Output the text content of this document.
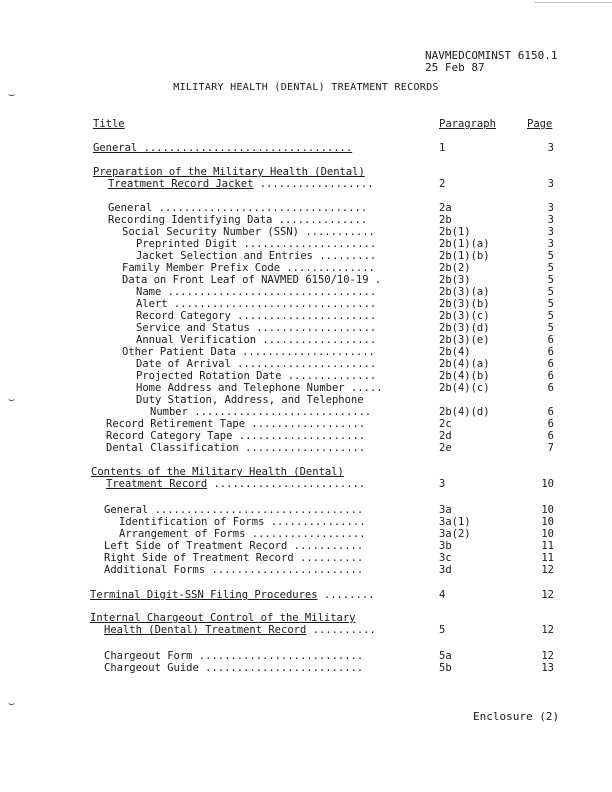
NAVMEDCOMINST 6150.1
25 Feb 87
MILITARY HEALTH (DENTAL) TREATMENT RECORDS
Title	Paragraph	Page
General .................................	1	3
Preparation of the Military Health (Dental)
Treatment Record Jacket ..................	2	3
General .................................	2a	3
Recording Identifying Data ..............	2b	3
Social Security Number (SSN) ...........	2b(1)	3
Preprinted Digit .....................	2b(1)(a)	3
Jacket Selection and Entries .........	2b(1)(b)	5
Family Member Prefix Code ..............	2b(2)	5
Data on Front Leaf of NAVMED 6150/10-19 .	2b(3)	5
Name .................................	2b(3)(a)	5
Alert ................................	2b(3)(b)	5
Record Category ......................	2b(3)(c)	5
Service and Status ...................	2b(3)(d)	5
Annual Verification ..................	2b(3)(e)	6
Other Patient Data .....................	2b(4)	6
Date of Arrival ......................	2b(4)(a)	6
Projected Rotation Date ..............	2b(4)(b)	6
Home Address and Telephone Number .....	2b(4)(c)	6
Duty Station, Address, and Telephone
Number ............................	2b(4)(d)	6
Record Retirement Tape ..................	2c	6
Record Category Tape ....................	2d	6
Dental Classification ...................	2e	7
Contents of the Military Health (Dental)
Treatment Record ........................	3	10
General .................................	3a	10
Identification of Forms ...............	3a(1)	10
Arrangement of Forms ..................	3a(2)	10
Left Side of Treatment Record ...........	3b	11
Right Side of Treatment Record ..........	3c	11
Additional Forms ........................	3d	12
Terminal Digit-SSN Filing Procedures ........	4	12
Internal Chargeout Control of the Military
Health (Dental) Treatment Record ..........	5	12
Chargeout Form ..........................	5a	12
Chargeout Guide .........................	5b	13
Enclosure (2)
⌣
⌣
⌣
